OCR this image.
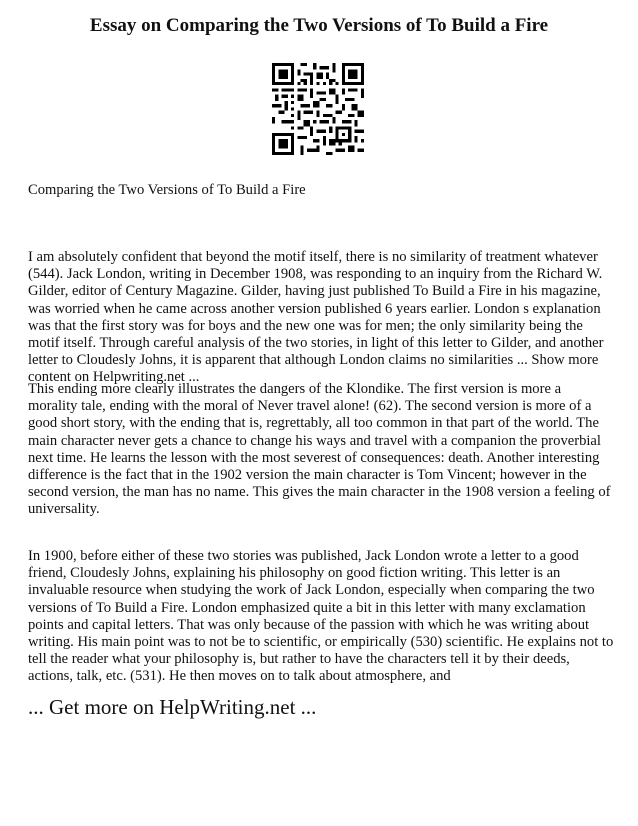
Essay on Comparing the Two Versions of To Build a Fire

Comparing the Two Versions of To Build a Fire

I am absolutely confident that beyond the motif itself, there is no similarity of treatment whatever (544). Jack London, writing in December 1908, was responding to an inquiry from the Richard W. Gilder, editor of Century Magazine. Gilder, having just published To Build a Fire in his magazine, was worried when he came across another version published 6 years earlier. London s explanation was that the first story was for boys and the new one was for men; the only similarity being the motif itself. Through careful analysis of the two stories, in light of this letter to Gilder, and another letter to Cloudesly Johns, it is apparent that although London claims no similarities ... Show more content on Helpwriting.net ...

This ending more clearly illustrates the dangers of the Klondike. The first version is more a morality tale, ending with the moral of Never travel alone! (62). The second version is more of a good short story, with the ending that is, regrettably, all too common in that part of the world. The main character never gets a chance to change his ways and travel with a companion the proverbial next time. He learns the lesson with the most severest of consequences: death. Another interesting difference is the fact that in the 1902 version the main character is Tom Vincent; however in the second version, the man has no name. This gives the main character in the 1908 version a feeling of universality.

In 1900, before either of these two stories was published, Jack London wrote a letter to a good friend, Cloudesly Johns, explaining his philosophy on good fiction writing. This letter is an invaluable resource when studying the work of Jack London, especially when comparing the two versions of To Build a Fire. London emphasized quite a bit in this letter with many exclamation points and capital letters. That was only because of the passion with which he was writing about writing. His main point was to not be to scientific, or empirically (530) scientific. He explains not to tell the reader what your philosophy is, but rather to have the characters tell it by their deeds, actions, talk, etc. (531). He then moves on to talk about atmosphere, and

... Get more on HelpWriting.net ...
